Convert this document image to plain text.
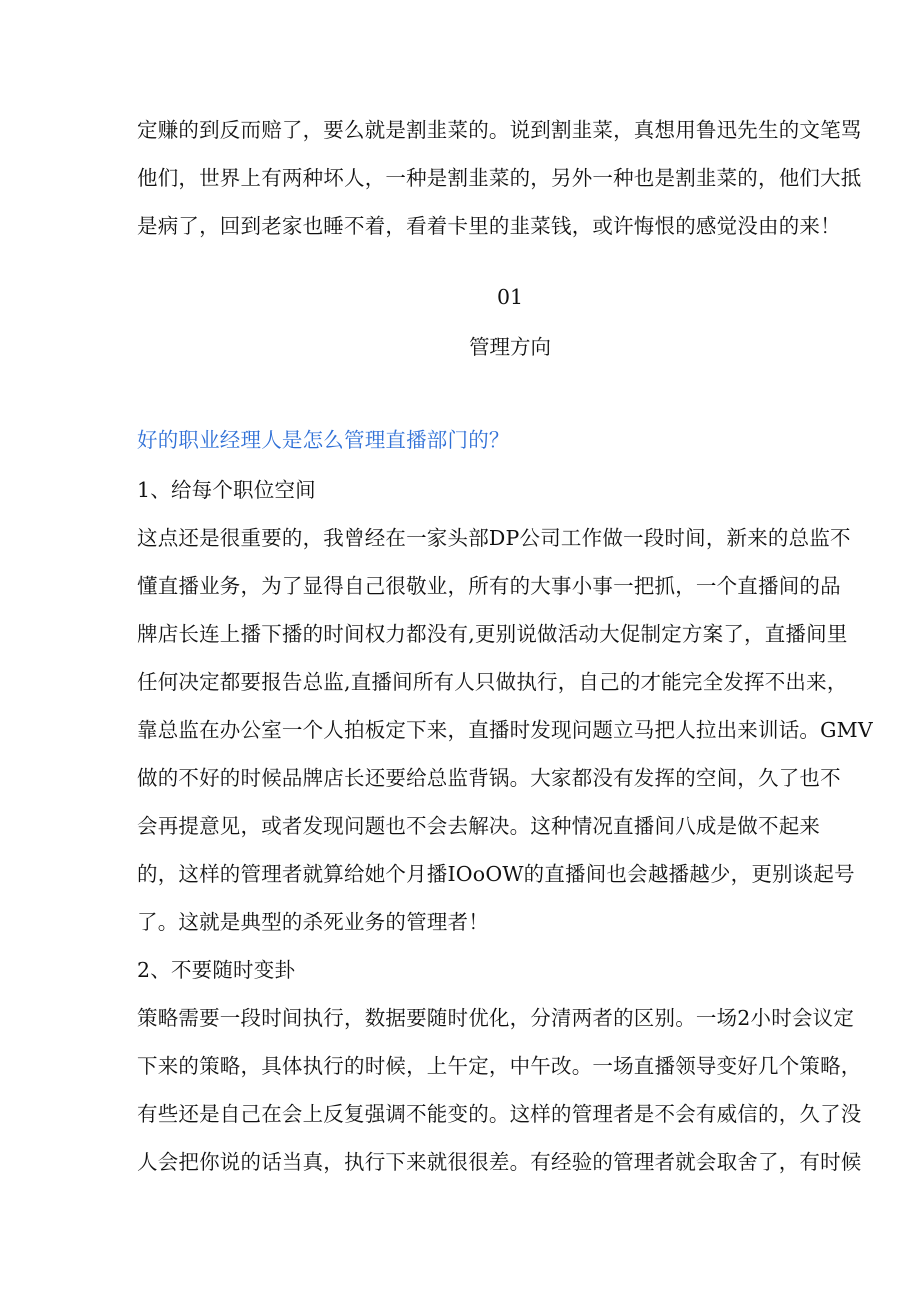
定赚的到反而赔了，要么就是割韭菜的。说到割韭菜，真想用鲁迅先生的文笔骂
他们，世界上有两种坏人，一种是割韭菜的，另外一种也是割韭菜的，他们大抵
是病了，回到老家也睡不着，看着卡里的韭菜钱，或许悔恨的感觉没由的来！
01
管理方向
好的职业经理人是怎么管理直播部门的？
1、给每个职位空间
这点还是很重要的，我曾经在一家头部DP公司工作做一段时间，新来的总监不
懂直播业务，为了显得自己很敬业，所有的大事小事一把抓，一个直播间的品
牌店长连上播下播的时间权力都没有,更别说做活动大促制定方案了，直播间里
任何决定都要报告总监,直播间所有人只做执行，自己的才能完全发挥不出来，
靠总监在办公室一个人拍板定下来，直播时发现问题立马把人拉出来训话。GMV
做的不好的时候品牌店长还要给总监背锅。大家都没有发挥的空间，久了也不
会再提意见，或者发现问题也不会去解决。这种情况直播间八成是做不起来
的，这样的管理者就算给她个月播IOoOW的直播间也会越播越少，更别谈起号
了。这就是典型的杀死业务的管理者！
2、不要随时变卦
策略需要一段时间执行，数据要随时优化，分清两者的区别。一场2小时会议定
下来的策略，具体执行的时候，上午定，中午改。一场直播领导变好几个策略，
有些还是自己在会上反复强调不能变的。这样的管理者是不会有威信的，久了没
人会把你说的话当真，执行下来就很很差。有经验的管理者就会取舍了，有时候
